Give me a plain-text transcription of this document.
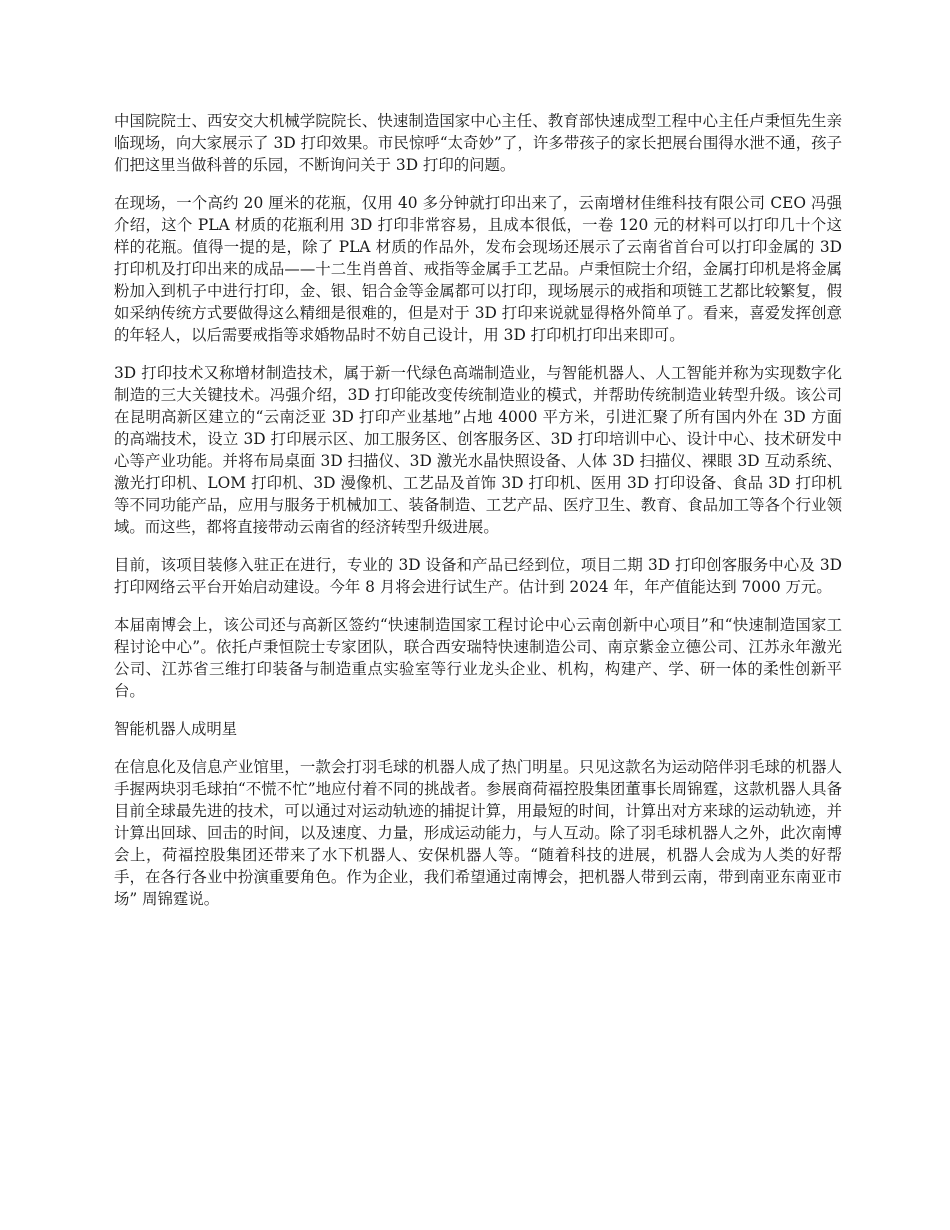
中国院院士、西安交大机械学院院长、快速制造国家中心主任、教育部快速成型工程中心主任卢秉恒先生亲临现场，向大家展示了 3D 打印效果。市民惊呼“太奇妙”了，许多带孩子的家长把展台围得水泄不通，孩子们把这里当做科普的乐园，不断询问关于 3D 打印的问题。

在现场，一个高约 20 厘米的花瓶，仅用 40 多分钟就打印出来了，云南增材佳维科技有限公司 CEO 冯强介绍，这个 PLA 材质的花瓶利用 3D 打印非常容易，且成本很低，一卷 120 元的材料可以打印几十个这样的花瓶。值得一提的是，除了 PLA 材质的作品外，发布会现场还展示了云南省首台可以打印金属的 3D 打印机及打印出来的成品——十二生肖兽首、戒指等金属手工艺品。卢秉恒院士介绍，金属打印机是将金属粉加入到机子中进行打印，金、银、铝合金等金属都可以打印，现场展示的戒指和项链工艺都比较繁复，假如采纳传统方式要做得这么精细是很难的，但是对于 3D 打印来说就显得格外简单了。看来，喜爱发挥创意的年轻人，以后需要戒指等求婚物品时不妨自己设计，用 3D 打印机打印出来即可。

3D 打印技术又称增材制造技术，属于新一代绿色高端制造业，与智能机器人、人工智能并称为实现数字化制造的三大关键技术。冯强介绍，3D 打印能改变传统制造业的模式，并帮助传统制造业转型升级。该公司在昆明高新区建立的“云南泛亚 3D 打印产业基地”占地 4000 平方米，引进汇聚了所有国内外在 3D 方面的高端技术，设立 3D 打印展示区、加工服务区、创客服务区、3D 打印培训中心、设计中心、技术研发中心等产业功能。并将布局桌面 3D 扫描仪、3D 激光水晶快照设备、人体 3D 扫描仪、裸眼 3D 互动系统、激光打印机、LOM 打印机、3D 漫像机、工艺品及首饰 3D 打印机、医用 3D 打印设备、食品 3D 打印机等不同功能产品，应用与服务于机械加工、装备制造、工艺产品、医疗卫生、教育、食品加工等各个行业领域。而这些，都将直接带动云南省的经济转型升级进展。

目前，该项目装修入驻正在进行，专业的 3D 设备和产品已经到位，项目二期 3D 打印创客服务中心及 3D 打印网络云平台开始启动建设。今年 8 月将会进行试生产。估计到 2024 年，年产值能达到 7000 万元。

本届南博会上，该公司还与高新区签约“快速制造国家工程讨论中心云南创新中心项目”和“快速制造国家工程讨论中心”。依托卢秉恒院士专家团队，联合西安瑞特快速制造公司、南京紫金立德公司、江苏永年激光公司、江苏省三维打印装备与制造重点实验室等行业龙头企业、机构，构建产、学、研一体的柔性创新平台。

智能机器人成明星

在信息化及信息产业馆里，一款会打羽毛球的机器人成了热门明星。只见这款名为运动陪伴羽毛球的机器人手握两块羽毛球拍“不慌不忙”地应付着不同的挑战者。参展商荷福控股集团董事长周锦霆，这款机器人具备目前全球最先进的技术，可以通过对运动轨迹的捕捉计算，用最短的时间，计算出对方来球的运动轨迹，并计算出回球、回击的时间，以及速度、力量，形成运动能力，与人互动。除了羽毛球机器人之外，此次南博会上，荷福控股集团还带来了水下机器人、安保机器人等。“随着科技的进展，机器人会成为人类的好帮手，在各行各业中扮演重要角色。作为企业，我们希望通过南博会，把机器人带到云南，带到南亚东南亚市场” 周锦霆说。
